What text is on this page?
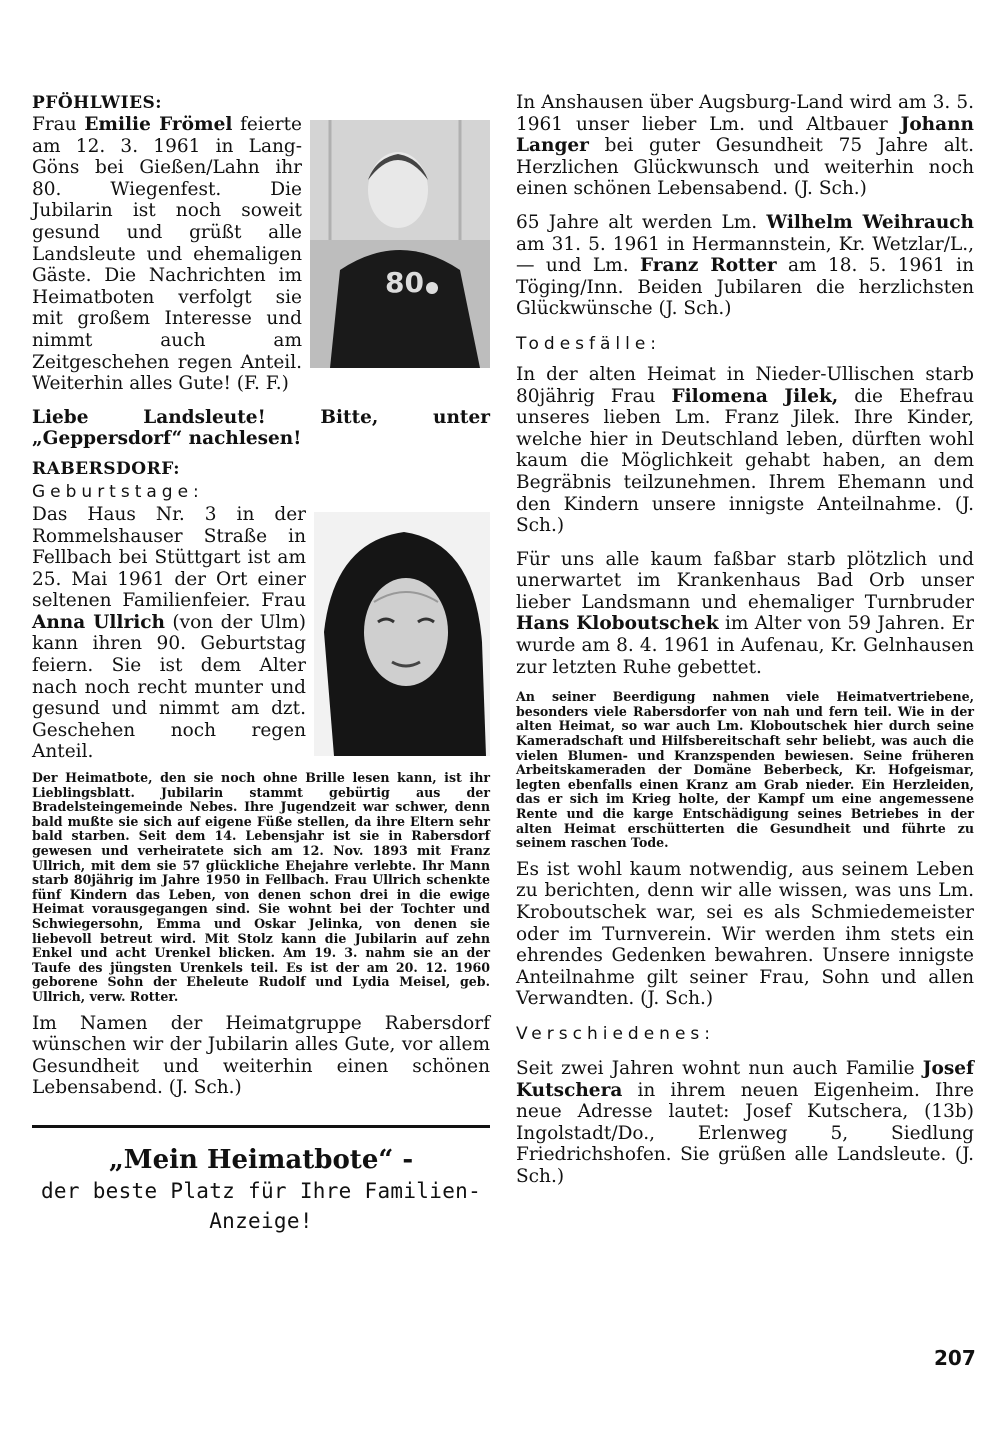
PFÖHLWIES:
80

Frau Emilie Frömel feierte am 12. 3. 1961 in Lang-Göns bei Gießen/Lahn ihr 80. Wiegenfest. Die Jubilarin ist noch soweit gesund und grüßt alle Landsleute und ehemaligen Gäste. Die Nachrichten im Heimatboten verfolgt sie mit großem Interesse und nimmt auch am Zeitgeschehen regen Anteil. Weiterhin alles Gute! (F. F.)

Liebe Landsleute! Bitte, unter „Geppersdorf“ nachlesen!

RABERSDORF:
Geburtstage:

Das Haus Nr. 3 in der Rommelshauser Straße in Fellbach bei Stüttgart ist am 25. Mai 1961 der Ort einer seltenen Familienfeier. Frau Anna Ullrich (von der Ulm) kann ihren 90. Geburtstag feiern. Sie ist dem Alter nach noch recht munter und gesund und nimmt am dzt. Geschehen noch regen Anteil.

Der Heimatbote, den sie noch ohne Brille lesen kann, ist ihr Lieblingsblatt. Jubilarin stammt gebürtig aus der Bradelsteingemeinde Nebes. Ihre Jugendzeit war schwer, denn bald mußte sie sich auf eigene Füße stellen, da ihre Eltern sehr bald starben. Seit dem 14. Lebensjahr ist sie in Rabersdorf gewesen und verheiratete sich am 12. Nov. 1893 mit Franz Ullrich, mit dem sie 57 glückliche Ehejahre verlebte. Ihr Mann starb 80jährig im Jahre 1950 in Fellbach. Frau Ullrich schenkte fünf Kindern das Leben, von denen schon drei in die ewige Heimat vorausgegangen sind. Sie wohnt bei der Tochter und Schwiegersohn, Emma und Oskar Jelinka, von denen sie liebevoll betreut wird. Mit Stolz kann die Jubilarin auf zehn Enkel und acht Urenkel blicken. Am 19. 3. nahm sie an der Taufe des jüngsten Urenkels teil. Es ist der am 20. 12. 1960 geborene Sohn der Eheleute Rudolf und Lydia Meisel, geb. Ullrich, verw. Rotter.

Im Namen der Heimatgruppe Rabersdorf wünschen wir der Jubilarin alles Gute, vor allem Gesundheit und weiterhin einen schönen Lebensabend. (J. Sch.)

„Mein Heimatbote“ -
der beste Platz für Ihre Familien-Anzeige!

In Anshausen über Augsburg-Land wird am 3. 5. 1961 unser lieber Lm. und Altbauer Johann Langer bei guter Gesundheit 75 Jahre alt. Herzlichen Glückwunsch und weiterhin noch einen schönen Lebensabend. (J. Sch.)

65 Jahre alt werden Lm. Wilhelm Weihrauch am 31. 5. 1961 in Hermannstein, Kr. Wetzlar/L., — und Lm. Franz Rotter am 18. 5. 1961 in Töging/Inn. Beiden Jubilaren die herzlichsten Glückwünsche (J. Sch.)

Todesfälle:

In der alten Heimat in Nieder-Ullischen starb 80jährig Frau Filomena Jilek, die Ehefrau unseres lieben Lm. Franz Jilek. Ihre Kinder, welche hier in Deutschland leben, dürften wohl kaum die Möglichkeit gehabt haben, an dem Begräbnis teilzunehmen. Ihrem Ehemann und den Kindern unsere innigste Anteilnahme. (J. Sch.)

Für uns alle kaum faßbar starb plötzlich und unerwartet im Krankenhaus Bad Orb unser lieber Landsmann und ehemaliger Turnbruder Hans Kloboutschek im Alter von 59 Jahren. Er wurde am 8. 4. 1961 in Aufenau, Kr. Gelnhausen zur letzten Ruhe gebettet.

An seiner Beerdigung nahmen viele Heimatvertriebene, besonders viele Rabersdorfer von nah und fern teil. Wie in der alten Heimat, so war auch Lm. Kloboutschek hier durch seine Kameradschaft und Hilfsbereitschaft sehr beliebt, was auch die vielen Blumen- und Kranzspenden bewiesen. Seine früheren Arbeitskameraden der Domäne Beberbeck, Kr. Hofgeismar, legten ebenfalls einen Kranz am Grab nieder. Ein Herzleiden, das er sich im Krieg holte, der Kampf um eine angemessene Rente und die karge Entschädigung seines Betriebes in der alten Heimat erschütterten die Gesundheit und führte zu seinem raschen Tode.

Es ist wohl kaum notwendig, aus seinem Leben zu berichten, denn wir alle wissen, was uns Lm. Kroboutschek war, sei es als Schmiedemeister oder im Turnverein. Wir werden ihm stets ein ehrendes Gedenken bewahren. Unsere innigste Anteilnahme gilt seiner Frau, Sohn und allen Verwandten. (J. Sch.)

Verschiedenes:

Seit zwei Jahren wohnt nun auch Familie Josef Kutschera in ihrem neuen Eigenheim. Ihre neue Adresse lautet: Josef Kutschera, (13b) Ingolstadt/Do., Erlenweg 5, Siedlung Friedrichshofen. Sie grüßen alle Landsleute. (J. Sch.)

207
